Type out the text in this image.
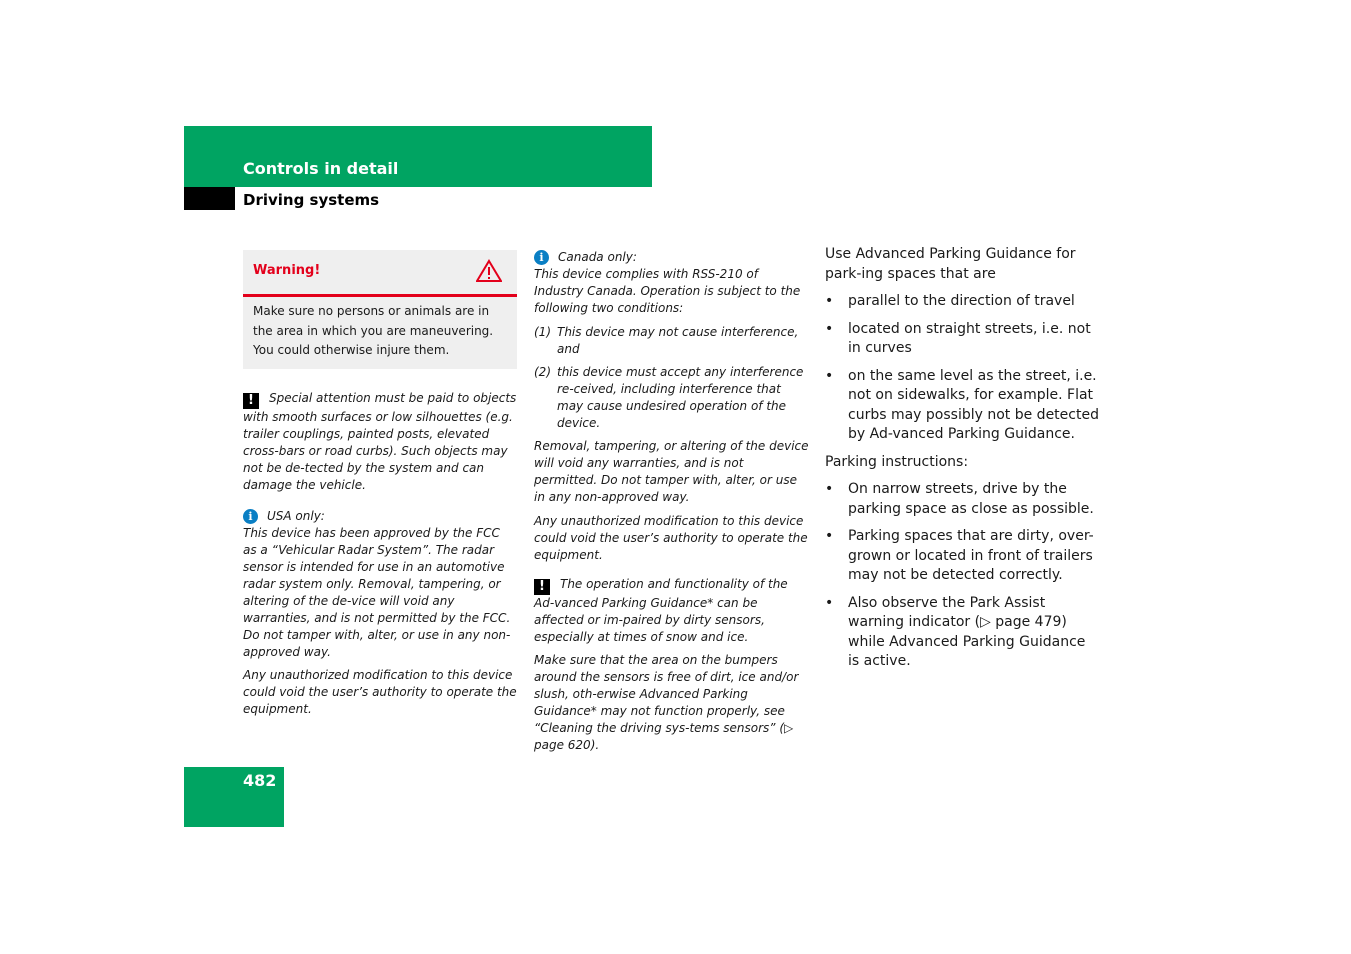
Controls in detail
Driving systems
Warning!
Make sure no persons or animals are in the area in which you are maneuvering. You could otherwise injure them.

! Special attention must be paid to objects with smooth surfaces or low silhouettes (e.g. trailer couplings, painted posts, elevated cross-bars or road curbs). Such objects may not be de-tected by the system and can damage the vehicle.

i	USA only:

This device has been approved by the FCC as a “Vehicular Radar System”. The radar sensor is intended for use in an automotive radar system only. Removal, tampering, or altering of the de-vice will void any warranties, and is not permitted by the FCC. Do not tamper with, alter, or use in any non-approved way.

Any unauthorized modification to this device could void the user’s authority to operate the equipment.

i	Canada only:

This device complies with RSS-210 of Industry Canada. Operation is subject to the following two conditions:

(1) This device may not cause interference, and
(2) this device must accept any interference re-ceived, including interference that may cause undesired operation of the device.

Removal, tampering, or altering of the device will void any warranties, and is not permitted. Do not tamper with, alter, or use in any non-approved way.

Any unauthorized modification to this device could void the user’s authority to operate the equipment.

! The operation and functionality of the Ad-vanced Parking Guidance* can be affected or im-paired by dirty sensors, especially at times of snow and ice.

Make sure that the area on the bumpers around the sensors is free of dirt, ice and/or slush, oth-erwise Advanced Parking Guidance* may not function properly, see “Cleaning the driving sys-tems sensors” (▷ page 620).

Use Advanced Parking Guidance for park-ing spaces that are

•	parallel to the direction of travel
•	located on straight streets, i.e. not in curves
•	on the same level as the street, i.e. not on sidewalks, for example. Flat curbs may possibly not be detected by Ad-vanced Parking Guidance.

Parking instructions:

•	On narrow streets, drive by the parking space as close as possible.
•	Parking spaces that are dirty, over-grown or located in front of trailers may not be detected correctly.
•	Also observe the Park Assist warning indicator (▷ page 479) while Advanced Parking Guidance is active.
482
